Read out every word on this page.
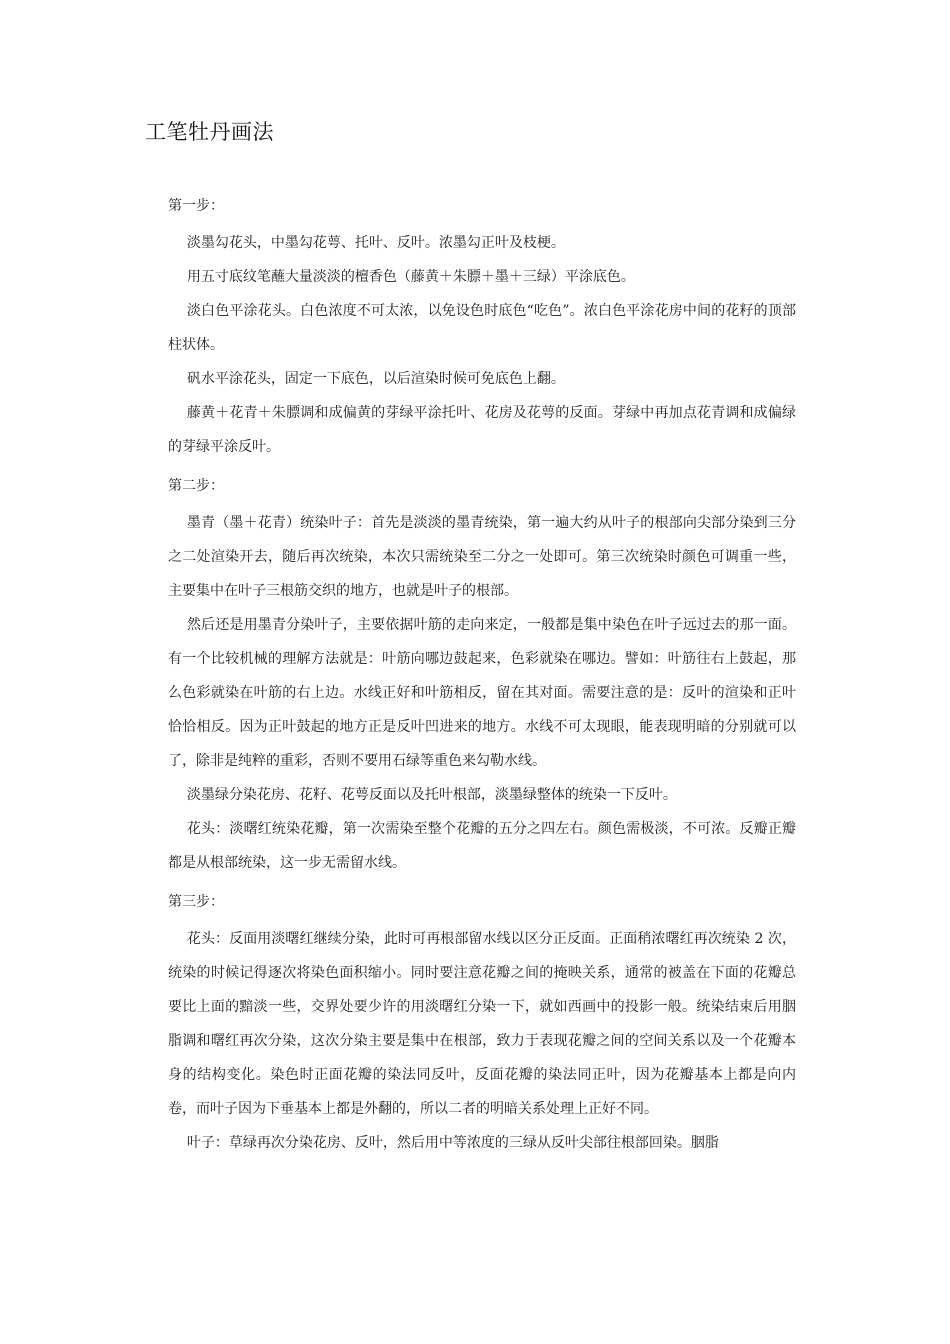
工笔牡丹画法

第一步：

淡墨勾花头，中墨勾花萼、托叶、反叶。浓墨勾正叶及枝梗。

用五寸底纹笔蘸大量淡淡的檀香色（藤黄＋朱膘＋墨＋三绿）平涂底色。

淡白色平涂花头。白色浓度不可太浓，以免设色时底色“吃色”。浓白色平涂花房中间的花籽的顶部柱状体。

矾水平涂花头，固定一下底色，以后渲染时候可免底色上翻。

藤黄＋花青＋朱膘调和成偏黄的芽绿平涂托叶、花房及花萼的反面。芽绿中再加点花青调和成偏绿的芽绿平涂反叶。

第二步：

墨青（墨＋花青）统染叶子：首先是淡淡的墨青统染，第一遍大约从叶子的根部向尖部分染到三分之二处渲染开去，随后再次统染，本次只需统染至二分之一处即可。第三次统染时颜色可调重一些，主要集中在叶子三根筋交织的地方，也就是叶子的根部。

然后还是用墨青分染叶子，主要依据叶筋的走向来定，一般都是集中染色在叶子远过去的那一面。有一个比较机械的理解方法就是：叶筋向哪边鼓起来，色彩就染在哪边。譬如：叶筋往右上鼓起，那么色彩就染在叶筋的右上边。水线正好和叶筋相反，留在其对面。需要注意的是：反叶的渲染和正叶恰恰相反。因为正叶鼓起的地方正是反叶凹进来的地方。水线不可太现眼，能表现明暗的分别就可以了，除非是纯粹的重彩，否则不要用石绿等重色来勾勒水线。

淡墨绿分染花房、花籽、花萼反面以及托叶根部，淡墨绿整体的统染一下反叶。

花头：淡曙红统染花瓣，第一次需染至整个花瓣的五分之四左右。颜色需极淡，不可浓。反瓣正瓣都是从根部统染，这一步无需留水线。

第三步：

花头：反面用淡曙红继续分染，此时可再根部留水线以区分正反面。正面稍浓曙红再次统染 2 次，统染的时候记得逐次将染色面积缩小。同时要注意花瓣之间的掩映关系，通常的被盖在下面的花瓣总要比上面的黯淡一些，交界处要少许的用淡曙红分染一下，就如西画中的投影一般。统染结束后用胭脂调和曙红再次分染，这次分染主要是集中在根部，致力于表现花瓣之间的空间关系以及一个花瓣本身的结构变化。染色时正面花瓣的染法同反叶，反面花瓣的染法同正叶，因为花瓣基本上都是向内卷，而叶子因为下垂基本上都是外翻的，所以二者的明暗关系处理上正好不同。

叶子：草绿再次分染花房、反叶，然后用中等浓度的三绿从反叶尖部往根部回染。胭脂
